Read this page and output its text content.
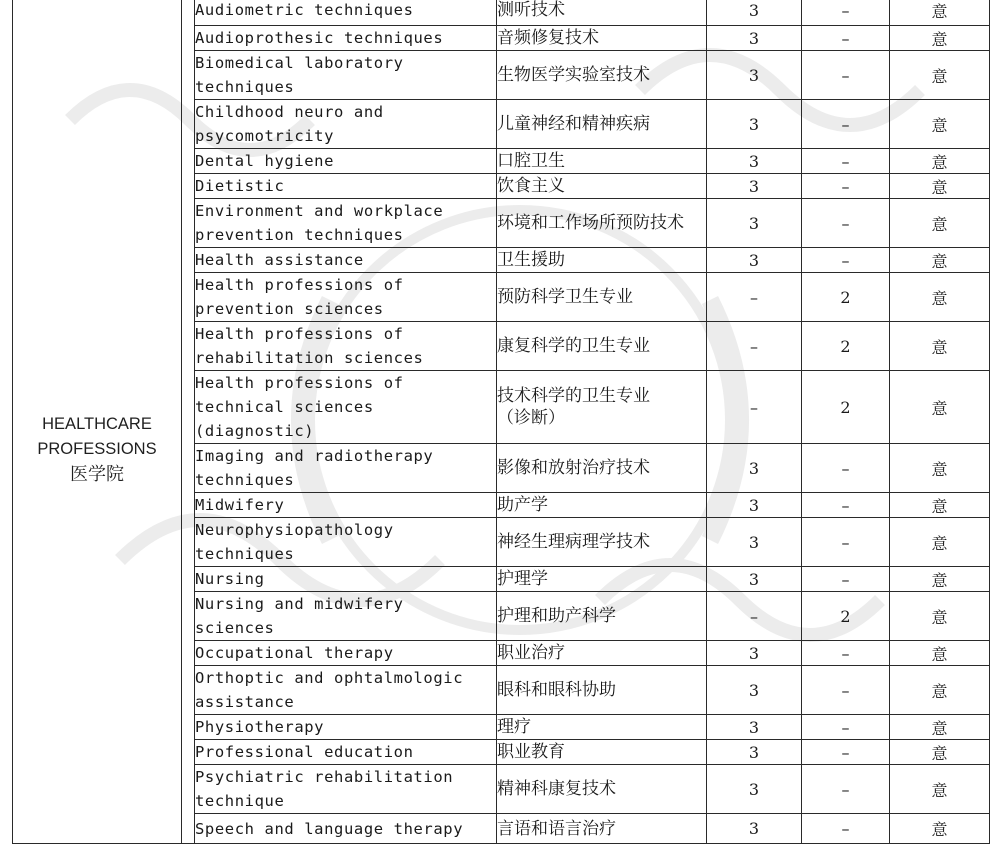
HEALTHCARE
PROFESSIONS
医学院		Audiometric techniques	测听技术	3	–	意
		Audioprothesic techniques	音频修复技术	3	–	意
		Biomedical laboratory
techniques	生物医学实验室技术	3	–	意
		Childhood neuro and
psycomotricity	儿童神经和精神疾病	3	–	意
		Dental hygiene	口腔卫生	3	–	意
		Dietistic	饮食主义	3	–	意
		Environment and workplace
prevention techniques	环境和工作场所预防技术	3	–	意
		Health assistance	卫生援助	3	–	意
		Health professions of
prevention sciences	预防科学卫生专业	–	2	意
		Health professions of
rehabilitation sciences	康复科学的卫生专业	–	2	意
		Health professions of
technical sciences
(diagnostic)	技术科学的卫生专业
（诊断）	–	2	意
		Imaging and radiotherapy
techniques	影像和放射治疗技术	3	–	意
		Midwifery	助产学	3	–	意
		Neurophysiopathology
techniques	神经生理病理学技术	3	–	意
		Nursing	护理学	3	–	意
		Nursing and midwifery
sciences	护理和助产科学	–	2	意
		Occupational therapy	职业治疗	3	–	意
		Orthoptic and ophtalmologic
assistance	眼科和眼科协助	3	–	意
		Physiotherapy	理疗	3	–	意
		Professional education	职业教育	3	–	意
		Psychiatric rehabilitation
technique	精神科康复技术	3	–	意
		Speech and language therapy	言语和语言治疗	3	–	意
